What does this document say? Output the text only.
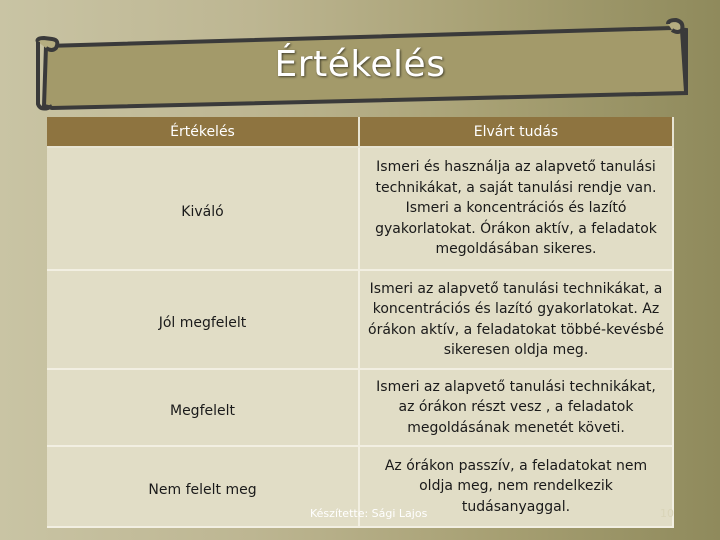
Értékelés
Értékelés	Elvárt tudás
Kiváló	Ismeri és használja az alapvető tanulási technikákat, a saját tanulási rendje van. Ismeri a koncentrációs és lazító gyakorlatokat. Órákon aktív, a feladatok megoldásában sikeres.
Jól megfelelt	Ismeri az alapvető tanulási technikákat, a koncentrációs és lazító gyakorlatokat. Az órákon aktív, a feladatokat többé-kevésbé sikeresen oldja meg.
Megfelelt	Ismeri az alapvető tanulási technikákat, az órákon részt vesz , a feladatok megoldásának menetét követi.
Nem felelt meg	Az órákon passzív, a feladatokat nem oldja meg, nem rendelkezik tudásanyaggal.
Készítette: Sági Lajos	10
